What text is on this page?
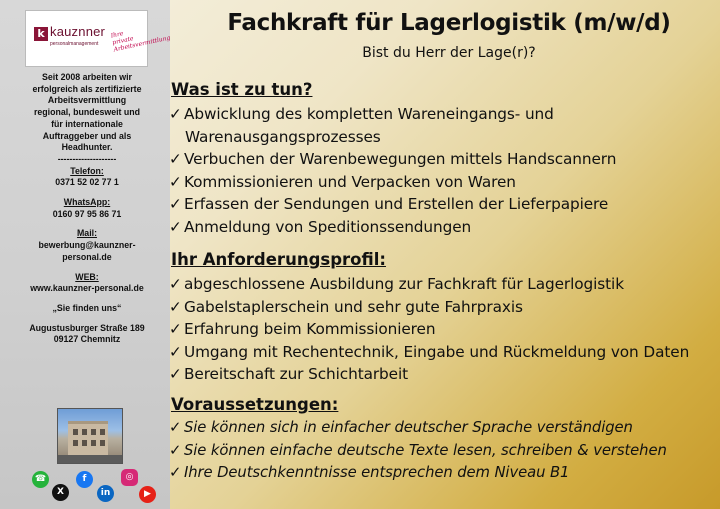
k kauznner
personalmanagement
Ihre private Arbeitsvermittlung
Seit 2008 arbeiten wir
erfolgreich als zertifizierte
Arbeitsvermittlung
regional, bundesweit und
für internationale
Auftraggeber und als
Headhunter.
--------------------
Telefon:
0371 52 02 77 1
WhatsApp:
0160 97 95 86 71
Mail:
bewerbung@kaunzner-
personal.de
WEB:
www.kaunzner-personal.de
„Sie finden uns“
Augustusburger Straße 189
09127 Chemnitz
☎	f	◎
X	in	▶
Fachkraft für Lagerlogistik (m/w/d)
Bist du Herr der Lage(r)?
Was ist zu tun?
✓ Abwicklung des kompletten Wareneingangs- und
Warenausgangsprozesses
✓ Verbuchen der Warenbewegungen mittels Handscannern
✓ Kommissionieren und Verpacken von Waren
✓ Erfassen der Sendungen und Erstellen der Lieferpapiere
✓ Anmeldung von Speditionssendungen
Ihr Anforderungsprofil:
✓ abgeschlossene Ausbildung zur Fachkraft für Lagerlogistik
✓ Gabelstaplerschein und sehr gute Fahrpraxis
✓ Erfahrung beim Kommissionieren
✓ Umgang mit Rechentechnik, Eingabe und Rückmeldung von Daten
✓ Bereitschaft zur Schichtarbeit
Voraussetzungen:
✓ Sie können sich in einfacher deutscher Sprache verständigen
✓ Sie können einfache deutsche Texte lesen, schreiben & verstehen
✓ Ihre Deutschkenntnisse entsprechen dem Niveau B1
